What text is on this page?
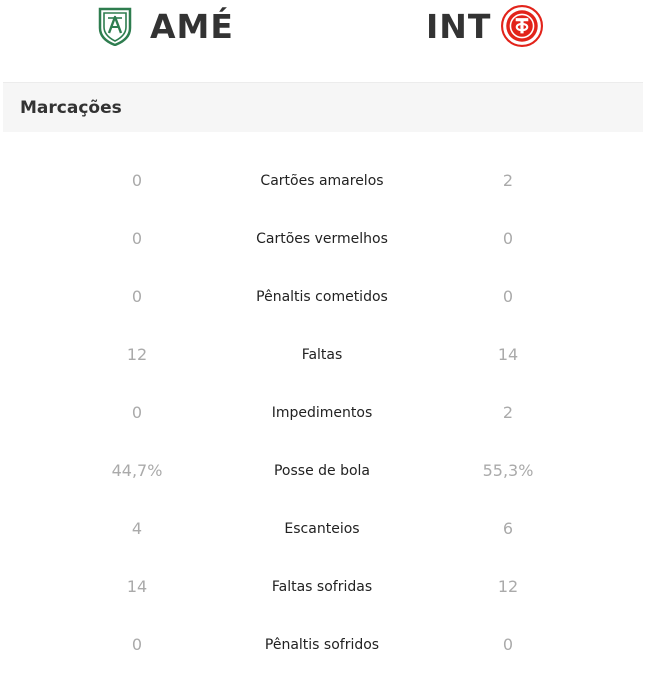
AMÉ	INT
Marcações
0	Cartões amarelos	2
0	Cartões vermelhos	0
0	Pênaltis cometidos	0
12	Faltas	14
0	Impedimentos	2
44,7%	Posse de bola	55,3%
4	Escanteios	6
14	Faltas sofridas	12
0	Pênaltis sofridos	0
